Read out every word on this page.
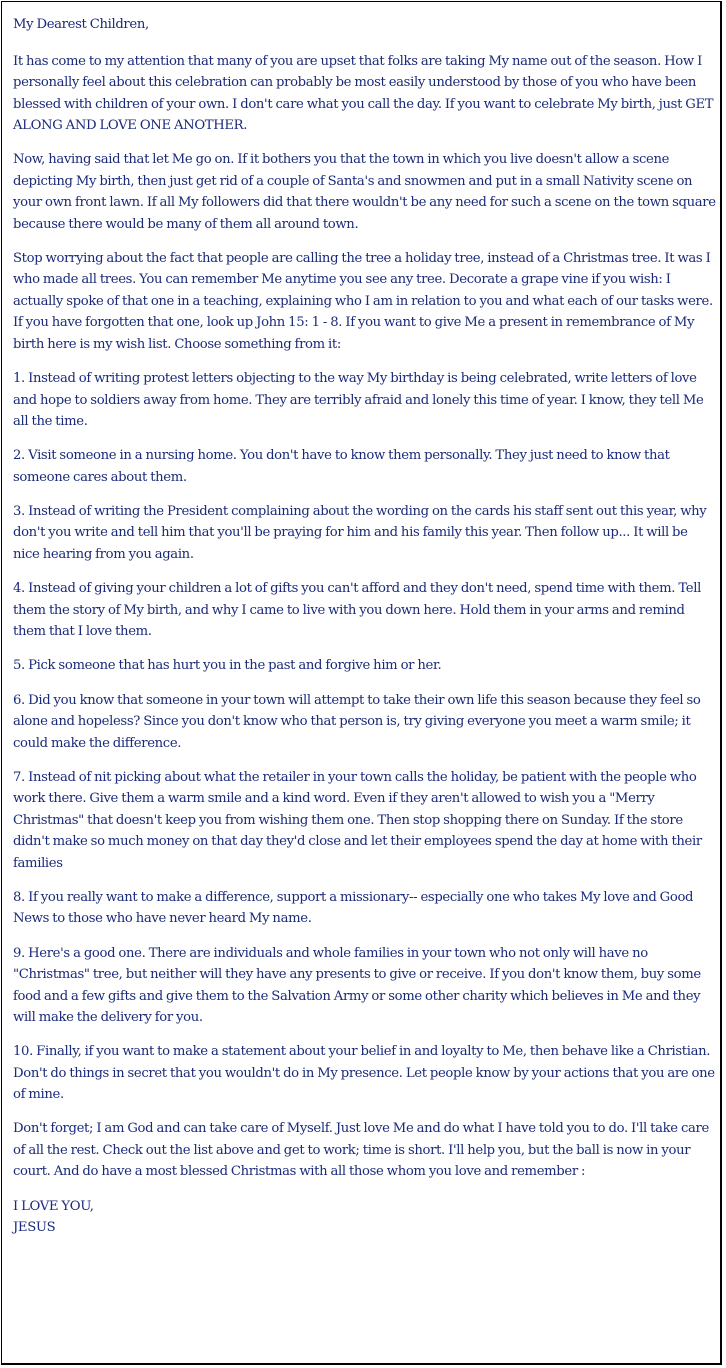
My Dearest Children,

It has come to my attention that many of you are upset that folks are taking My name out of the season. How I personally feel about this celebration can probably be most easily understood by those of you who have been blessed with children of your own. I don't care what you call the day. If you want to celebrate My birth, just GET ALONG AND LOVE ONE ANOTHER.

Now, having said that let Me go on. If it bothers you that the town in which you live doesn't allow a scene depicting My birth, then just get rid of a couple of Santa's and snowmen and put in a small Nativity scene on your own front lawn. If all My followers did that there wouldn't be any need for such a scene on the town square because there would be many of them all around town.

Stop worrying about the fact that people are calling the tree a holiday tree, instead of a Christmas tree. It was I who made all trees. You can remember Me anytime you see any tree. Decorate a grape vine if you wish: I actually spoke of that one in a teaching, explaining who I am in relation to you and what each of our tasks were. If you have forgotten that one, look up John 15: 1 - 8. If you want to give Me a present in remembrance of My birth here is my wish list. Choose something from it:

1. Instead of writing protest letters objecting to the way My birthday is being celebrated, write letters of love and hope to soldiers away from home. They are terribly afraid and lonely this time of year. I know, they tell Me all the time.

2. Visit someone in a nursing home. You don't have to know them personally. They just need to know that someone cares about them.

3. Instead of writing the President complaining about the wording on the cards his staff sent out this year, why don't you write and tell him that you'll be praying for him and his family this year. Then follow up... It will be nice hearing from you again.

4. Instead of giving your children a lot of gifts you can't afford and they don't need, spend time with them. Tell them the story of My birth, and why I came to live with you down here. Hold them in your arms and remind them that I love them.

5. Pick someone that has hurt you in the past and forgive him or her.

6. Did you know that someone in your town will attempt to take their own life this season because they feel so alone and hopeless? Since you don't know who that person is, try giving everyone you meet a warm smile; it could make the difference.

7. Instead of nit picking about what the retailer in your town calls the holiday, be patient with the people who work there. Give them a warm smile and a kind word. Even if they aren't allowed to wish you a "Merry Christmas" that doesn't keep you from wishing them one. Then stop shopping there on Sunday. If the store didn't make so much money on that day they'd close and let their employees spend the day at home with their families

8. If you really want to make a difference, support a missionary-- especially one who takes My love and Good News to those who have never heard My name.

9. Here's a good one. There are individuals and whole families in your town who not only will have no "Christmas" tree, but neither will they have any presents to give or receive. If you don't know them, buy some food and a few gifts and give them to the Salvation Army or some other charity which believes in Me and they will make the delivery for you.

10. Finally, if you want to make a statement about your belief in and loyalty to Me, then behave like a Christian. Don't do things in secret that you wouldn't do in My presence. Let people know by your actions that you are one of mine.

Don't forget; I am God and can take care of Myself. Just love Me and do what I have told you to do. I'll take care of all the rest. Check out the list above and get to work; time is short. I'll help you, but the ball is now in your court. And do have a most blessed Christmas with all those whom you love and remember :

I LOVE YOU,
JESUS
